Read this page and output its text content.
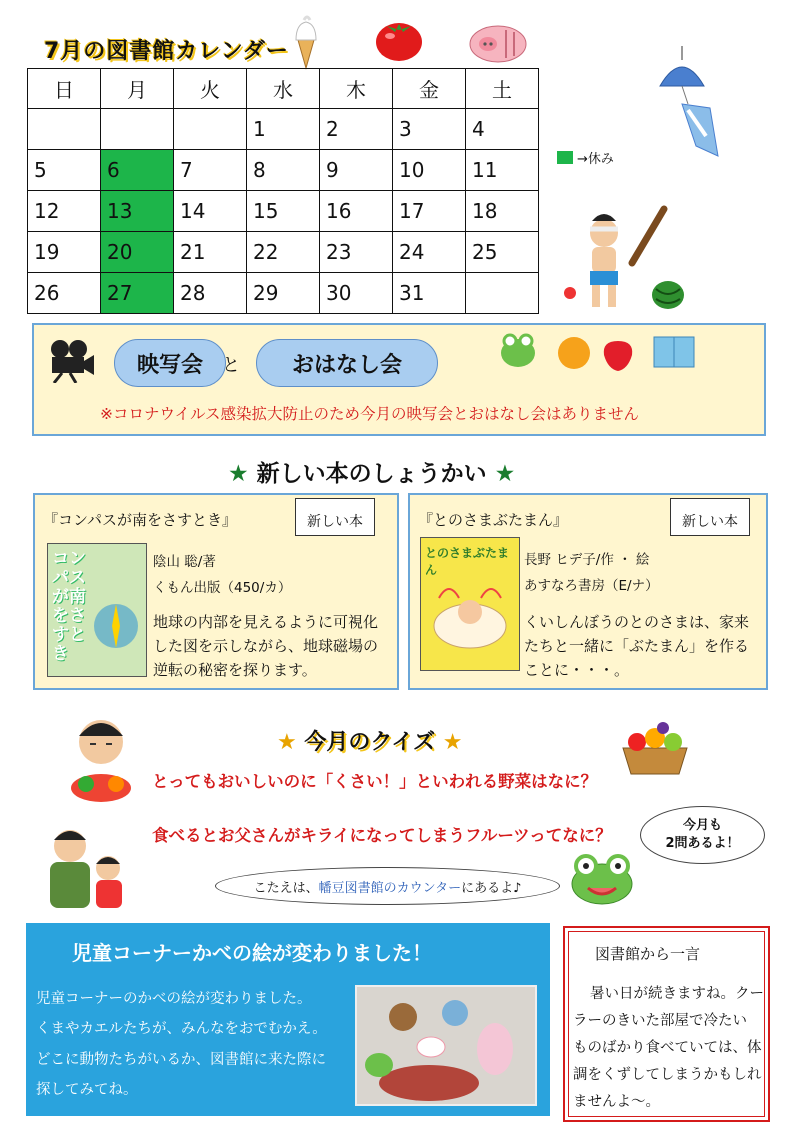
7月の図書館カレンダー
日	月	火	水	木	金	土
			1	2	3	4
5	6	7	8	9	10	11
12	13	14	15	16	17	18
19	20	21	22	23	24	25
26	27	28	29	30	31	
→休み
映写会 と おはなし会
※コロナウイルス感染拡大防止のため今月の映写会とおはなし会はありません
★ 新しい本のしょうかい ★
『コンパスが南をさすとき』	新しい本
コンパスが南をさすとき
陰山 聡/著
くもん出版（450/カ）
地球の内部を見えるように可視化
した図を示しながら、地球磁場の
逆転の秘密を探ります。
『とのさまぶたまん』	新しい本
とのさまぶたまん
長野 ヒデ子/作 ・ 絵
あすなろ書房（E/ナ）
くいしんぼうのとのさまは、家来
たちと一緒に「ぶたまん」を作る
ことに・・・。
★ 今月のクイズ ★
とってもおいしいのに「くさい！」といわれる野菜はなに？
食べるとお父さんがキライになってしまうフルーツってなに？
こたえは、 幡豆図書館のカウンター にあるよ♪
今月も
2問あるよ！
児童コーナーかべの絵が変わりました！
児童コーナーのかべの絵が変わりました。
くまやカエルたちが、みんなをおでむかえ。
どこに動物たちがいるか、図書館に来た際に
探してみてね。
図書館から一言
暑い日が続きますね。クー
ラーのきいた部屋で冷たい
ものばかり食べていては、体
調をくずしてしまうかもしれ
ませんよ～。
